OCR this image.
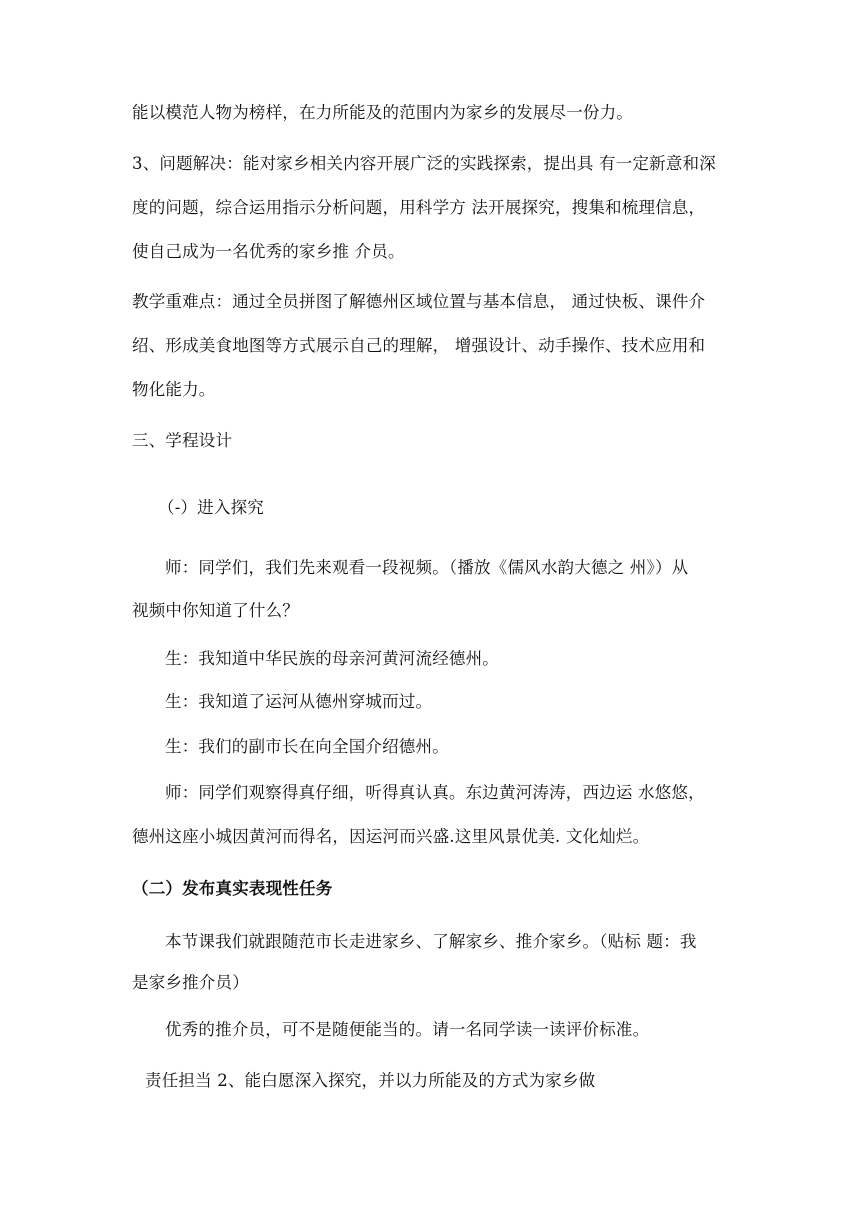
能以模范人物为榜样，在力所能及的范围内为家乡的发展尽一份力。
3、问题解决：能对家乡相关内容开展广泛的实践探索，提出具 有一定新意和深
度的问题，综合运用指示分析问题，用科学方 法开展探究，搜集和梳理信息，
使自己成为一名优秀的家乡推 介员。
教学重难点：通过全员拼图了解德州区域位置与基本信息， 通过快板、课件介
绍、形成美食地图等方式展示自己的理解， 增强设计、动手操作、技术应用和
物化能力。
三、学程设计
（-）进入探究
师：同学们，我们先来观看一段视频。（播放《儒风水韵大德之 州》）从
视频中你知道了什么？
生：我知道中华民族的母亲河黄河流经德州。
生：我知道了运河从德州穿城而过。
生：我们的副市长在向全国介绍德州。
师：同学们观察得真仔细，听得真认真。东边黄河涛涛，西边运 水悠悠，
德州这座小城因黄河而得名，因运河而兴盛.这里风景优美. 文化灿烂。
（二）发布真实表现性任务
本节课我们就跟随范市长走进家乡、了解家乡、推介家乡。（贴标 题：我
是家乡推介员）
优秀的推介员，可不是随便能当的。请一名同学读一读评价标准。
责任担当 2、能白愿深入探究，并以力所能及的方式为家乡做
